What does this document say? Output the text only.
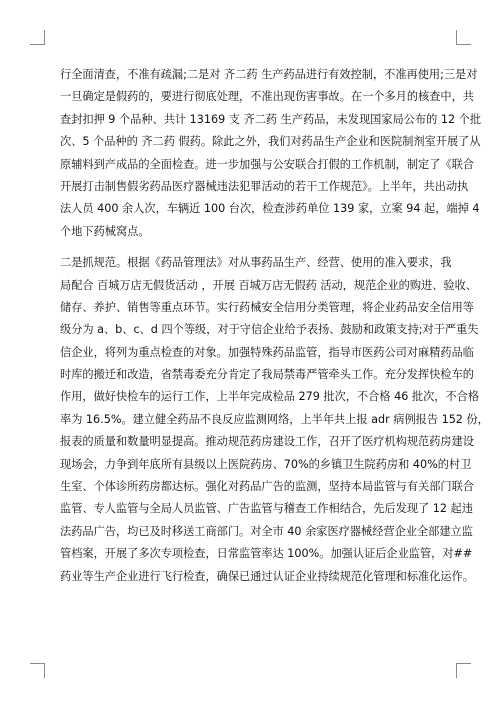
行全面清查，不准有疏漏;二是对 齐二药 生产药品进行有效控制，不准再使用;三是对
一旦确定是假药的，要进行彻底处理，不准出现伤害事故。在一个多月的核查中，共
查封扣押 9 个品种、共计 13169 支 齐二药 生产药品，未发现国家局公布的 12 个批
次、5 个品种的 齐二药 假药。除此之外，我们对药品生产企业和医院制剂室开展了从
原辅料到产成品的全面检查。进一步加强与公安联合打假的工作机制，制定了《联合
开展打击制售假劣药品医疗器械违法犯罪活动的若干工作规范》。上半年，共出动执
法人员 400 余人次，车辆近 100 台次，检查涉药单位 139 家，立案 94 起，端掉 4
个地下药械窝点。
二是抓规范。根据《药品管理法》对从事药品生产、经营、使用的准入要求，我
局配合 百城万店无假货活动 ，开展 百城万店无假药 活动，规范企业的购进、验收、
储存、养护、销售等重点环节。实行药械安全信用分类管理，将企业药品安全信用等
级分为 a、b、c、d 四个等级，对于守信企业给予表扬、鼓励和政策支持;对于严重失
信企业，将列为重点检查的对象。加强特殊药品监管，指导市医药公司对麻精药品临
时库的搬迁和改造，省禁毒委充分肯定了我局禁毒严管牵头工作。充分发挥快检车的
作用，做好快检车的运行工作，上半年完成检品 279 批次，不合格 46 批次，不合格
率为 16.5%。建立健全药品不良反应监测网络，上半年共上报 adr 病例报告 152 份，
报表的质量和数量明显提高。推动规范药房建设工作，召开了医疗机构规范药房建设
现场会，力争到年底所有县级以上医院药房、70%的乡镇卫生院药房和 40%的村卫
生室、个体诊所药房都达标。强化对药品广告的监测，坚持本局监管与有关部门联合
监管、专人监管与全局人员监管、广告监管与稽查工作相结合，先后发现了 12 起违
法药品广告，均已及时移送工商部门。对全市 40 余家医疗器械经营企业全部建立监
管档案，开展了多次专项检查，日常监管率达 100%。加强认证后企业监管，对##
药业等生产企业进行飞行检查，确保已通过认证企业持续规范化管理和标准化运作。
